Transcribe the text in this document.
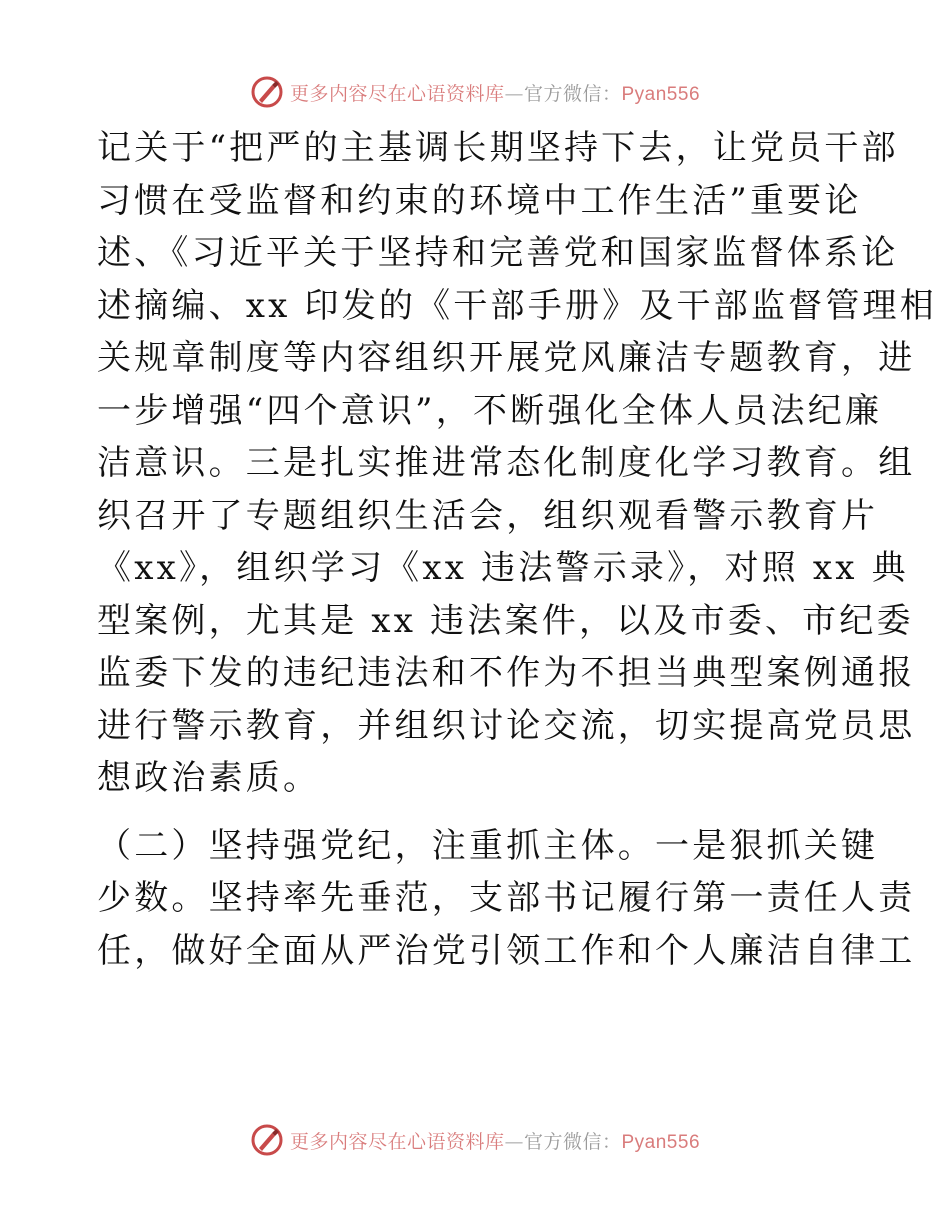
更多内容尽在心语资料库—官方微信：Pyan556
记关于“把严的主基调长期坚持下去，让党员干部
习惯在受监督和约束的环境中工作生活”重要论
述、《习近平关于坚持和完善党和国家监督体系论
述摘编、xx 印发的《干部手册》及干部监督管理相
关规章制度等内容组织开展党风廉洁专题教育，进
一步增强“四个意识”，不断强化全体人员法纪廉
洁意识。三是扎实推进常态化制度化学习教育。组
织召开了专题组织生活会，组织观看警示教育片
《xx》，组织学习《xx 违法警示录》，对照 xx 典
型案例，尤其是 xx 违法案件，以及市委、市纪委
监委下发的违纪违法和不作为不担当典型案例通报
进行警示教育，并组织讨论交流，切实提高党员思
想政治素质。
（二）坚持强党纪，注重抓主体。一是狠抓关键
少数。坚持率先垂范，支部书记履行第一责任人责
任，做好全面从严治党引领工作和个人廉洁自律工
更多内容尽在心语资料库—官方微信：Pyan556
